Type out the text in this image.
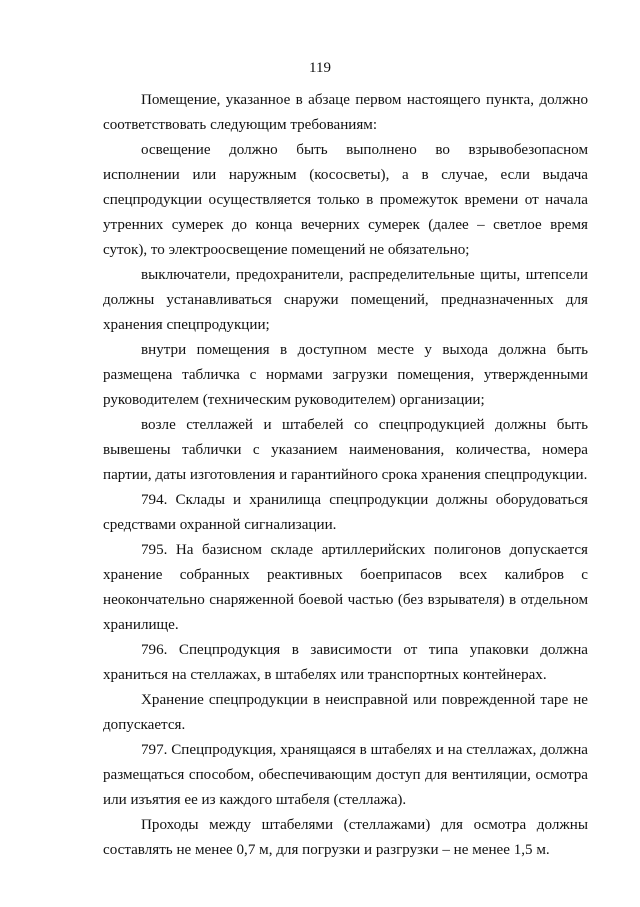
119

Помещение, указанное в абзаце первом настоящего пункта, должно соответствовать следующим требованиям:

освещение должно быть выполнено во взрывобезопасном исполнении или наружным (кососветы), а в случае, если выдача спецпродукции осуществляется только в промежуток времени от начала утренних сумерек до конца вечерних сумерек (далее – светлое время суток), то электроосвещение помещений не обязательно;

выключатели, предохранители, распределительные щиты, штепсели должны устанавливаться снаружи помещений, предназначенных для хранения спецпродукции;

внутри помещения в доступном месте у выхода должна быть размещена табличка с нормами загрузки помещения, утвержденными руководителем (техническим руководителем) организации;

возле стеллажей и штабелей со спецпродукцией должны быть вывешены таблички с указанием наименования, количества, номера партии, даты изготовления и гарантийного срока хранения спецпродукции.

794. Склады и хранилища спецпродукции должны оборудоваться средствами охранной сигнализации.

795. На базисном складе артиллерийских полигонов допускается хранение собранных реактивных боеприпасов всех калибров с неокончательно снаряженной боевой частью (без взрывателя) в отдельном хранилище.

796. Спецпродукция в зависимости от типа упаковки должна храниться на стеллажах, в штабелях или транспортных контейнерах.

Хранение спецпродукции в неисправной или поврежденной таре не допускается.

797. Спецпродукция, хранящаяся в штабелях и на стеллажах, должна размещаться способом, обеспечивающим доступ для вентиляции, осмотра или изъятия ее из каждого штабеля (стеллажа).

Проходы между штабелями (стеллажами) для осмотра должны составлять не менее 0,7 м, для погрузки и разгрузки – не менее 1,5 м.
